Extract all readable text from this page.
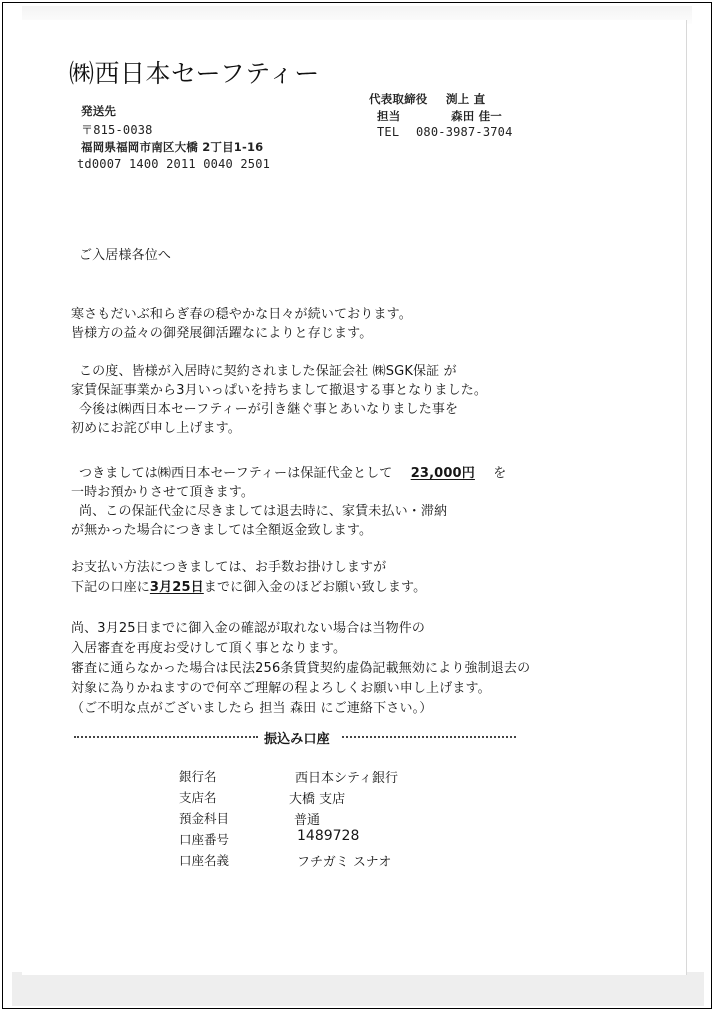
㈱西日本セーフティー
発送先
〒815-0038
福岡県福岡市南区大橋 2丁目1-16
td0007 1400 2011 0040 2501
代表取締役 渕上 直
担当	森田 佳一
TEL 080-3987-3704
ご入居様各位へ
寒さもだいぶ和らぎ春の穏やかな日々が続いております。
皆様方の益々の御発展御活躍なによりと存じます。
この度、皆様が入居時に契約されました保証会社 ㈱SGK保証 が
家賃保証事業から3月いっぱいを持ちまして撤退する事となりました。
今後は㈱西日本セーフティーが引き継ぐ事とあいなりました事を
初めにお詫び申し上げます。
つきましては㈱西日本セーフティーは保証代金として 23,000円 を
一時お預かりさせて頂きます。
尚、この保証代金に尽きましては退去時に、家賃未払い・滞納
が無かった場合につきましては全額返金致します。
お支払い方法につきましては、お手数お掛けしますが
下記の口座に3月25日までに御入金のほどお願い致します。
尚、3月25日までに御入金の確認が取れない場合は当物件の
入居審査を再度お受けして頂く事となります。
審査に通らなかった場合は民法256条賃貸契約虚偽記載無効により強制退去の
対象に為りかねますので何卒ご理解の程よろしくお願い申し上げます。
（ご不明な点がございましたら 担当 森田 にご連絡下さい。）
振込み口座
銀行名	西日本シティ銀行
支店名	大橋 支店
預金科目	普通
口座番号	1489728
口座名義	フチガミ スナオ
